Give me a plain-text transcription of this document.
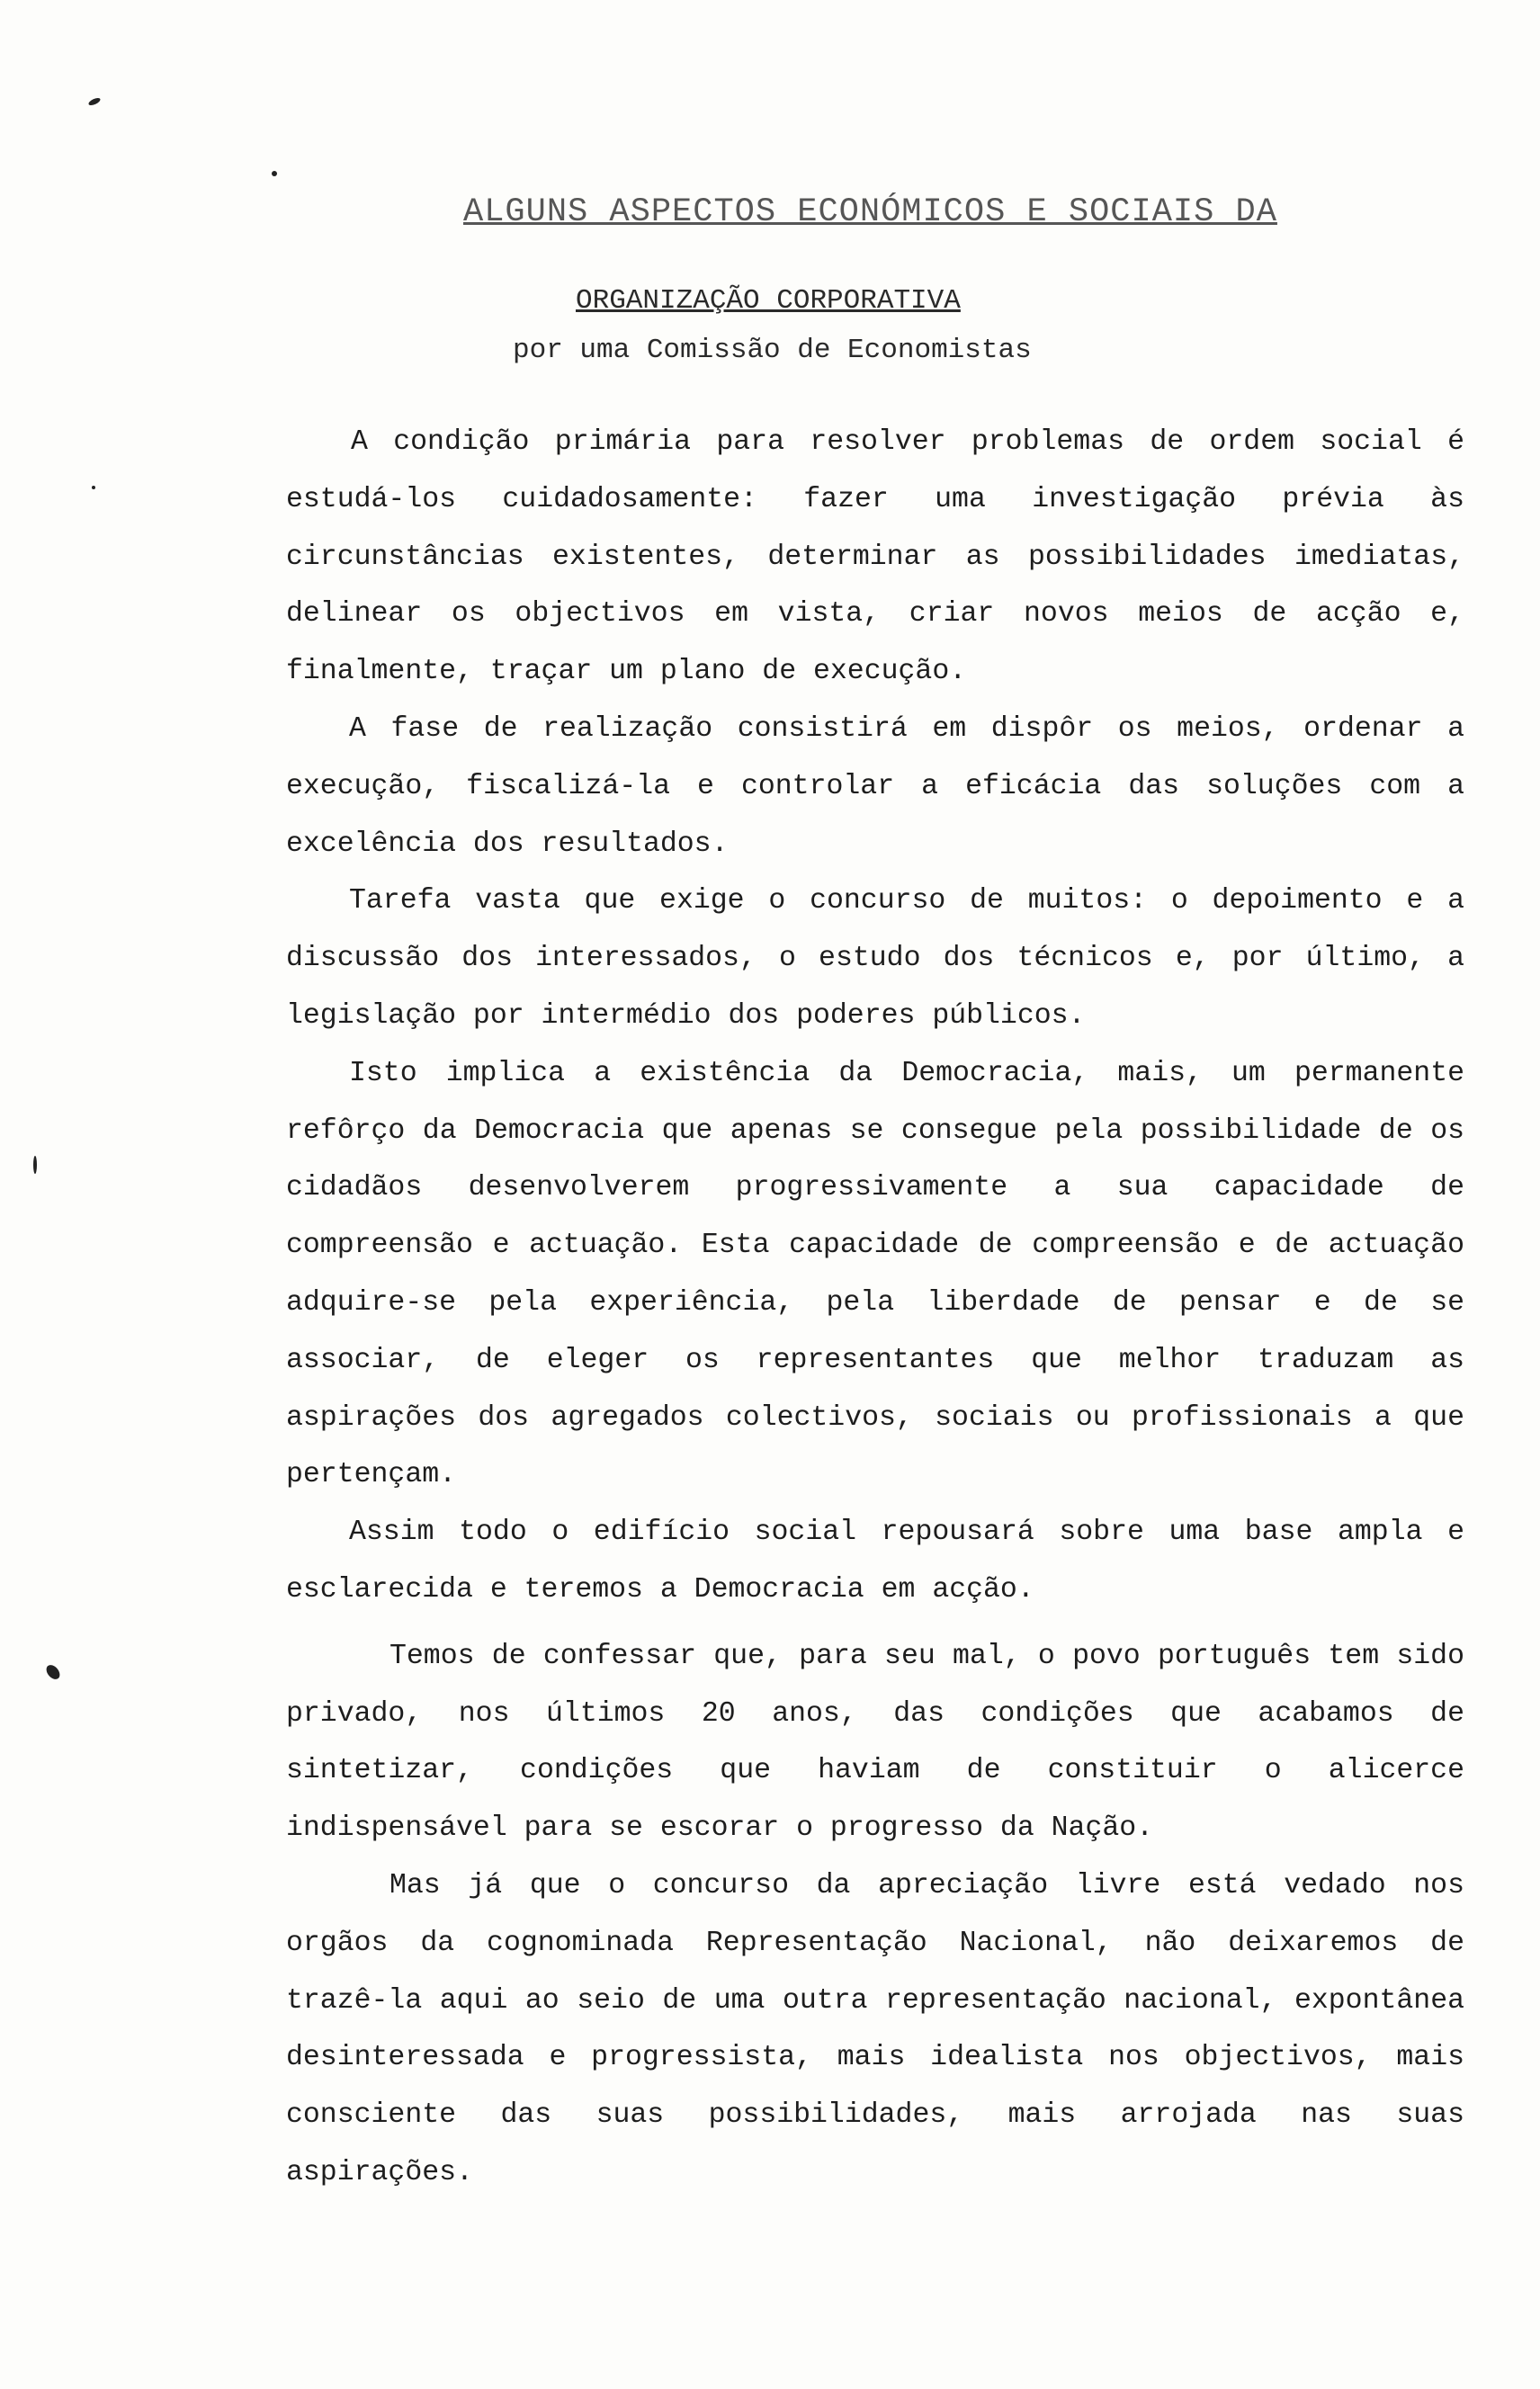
ALGUNS ASPECTOS ECONÓMICOS E SOCIAIS DA
ORGANIZAÇÃO CORPORATIVA
por uma Comissão de Economistas

A condição primária para resolver problemas de ordem social é estudá-los cuidadosamente: fazer uma investigação prévia às circunstâncias existentes, determinar as possibilidades imediatas, delinear os objectivos em vista, criar novos meios de acção e, finalmente, traçar um plano de execução.

A fase de realização consistirá em dispôr os meios, ordenar a execução, fiscalizá-la e controlar a eficácia das soluções com a excelência dos resultados.

Tarefa vasta que exige o concurso de muitos: o depoimento e a discussão dos interessados, o estudo dos técnicos e, por último, a legislação por intermédio dos poderes públicos.

Isto implica a existência da Democracia, mais, um permanente refôrço da Democracia que apenas se consegue pela possibilidade de os cidadãos desenvolverem progressivamente a sua capacidade de compreensão e actuação. Esta capacidade de compreensão e de actuação adquire-se pela experiência, pela liberdade de pensar e de se associar, de eleger os representantes que melhor traduzam as aspirações dos agregados colectivos, sociais ou profissionais a que pertençam.

Assim todo o edifício social repousará sobre uma base ampla e esclarecida e teremos a Democracia em acção.

Temos de confessar que, para seu mal, o povo português tem sido privado, nos últimos 20 anos, das condições que acabamos de sintetizar, condições que haviam de constituir o alicerce indispensável para se escorar o progresso da Nação.

Mas já que o concurso da apreciação livre está vedado nos orgãos da cognominada Representação Nacional, não deixaremos de trazê-la aqui ao seio de uma outra representação nacional, expontânea desinteressada e progressista, mais idealista nos objectivos, mais consciente das suas possibilidades, mais arrojada nas suas aspirações.
